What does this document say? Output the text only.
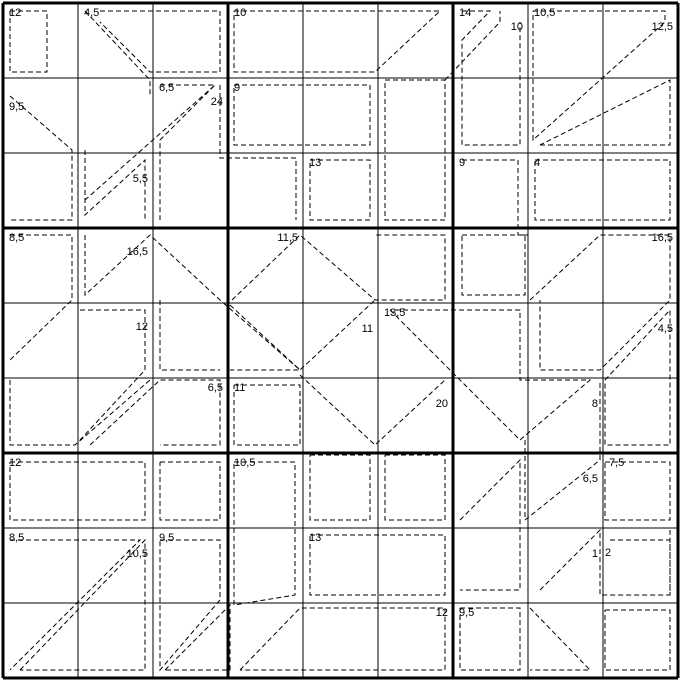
12	4,5	10	14
10
10,5
12,5
9,5
6,5
24
9
5,5
13	9	4
8,5
16,5
11,5	16,5
12	11
13,5
4,5
6,5 11
20	8
12	10,5	7,5
6,5
8,5
10,5
9,5	13
1 2
12 9,5
